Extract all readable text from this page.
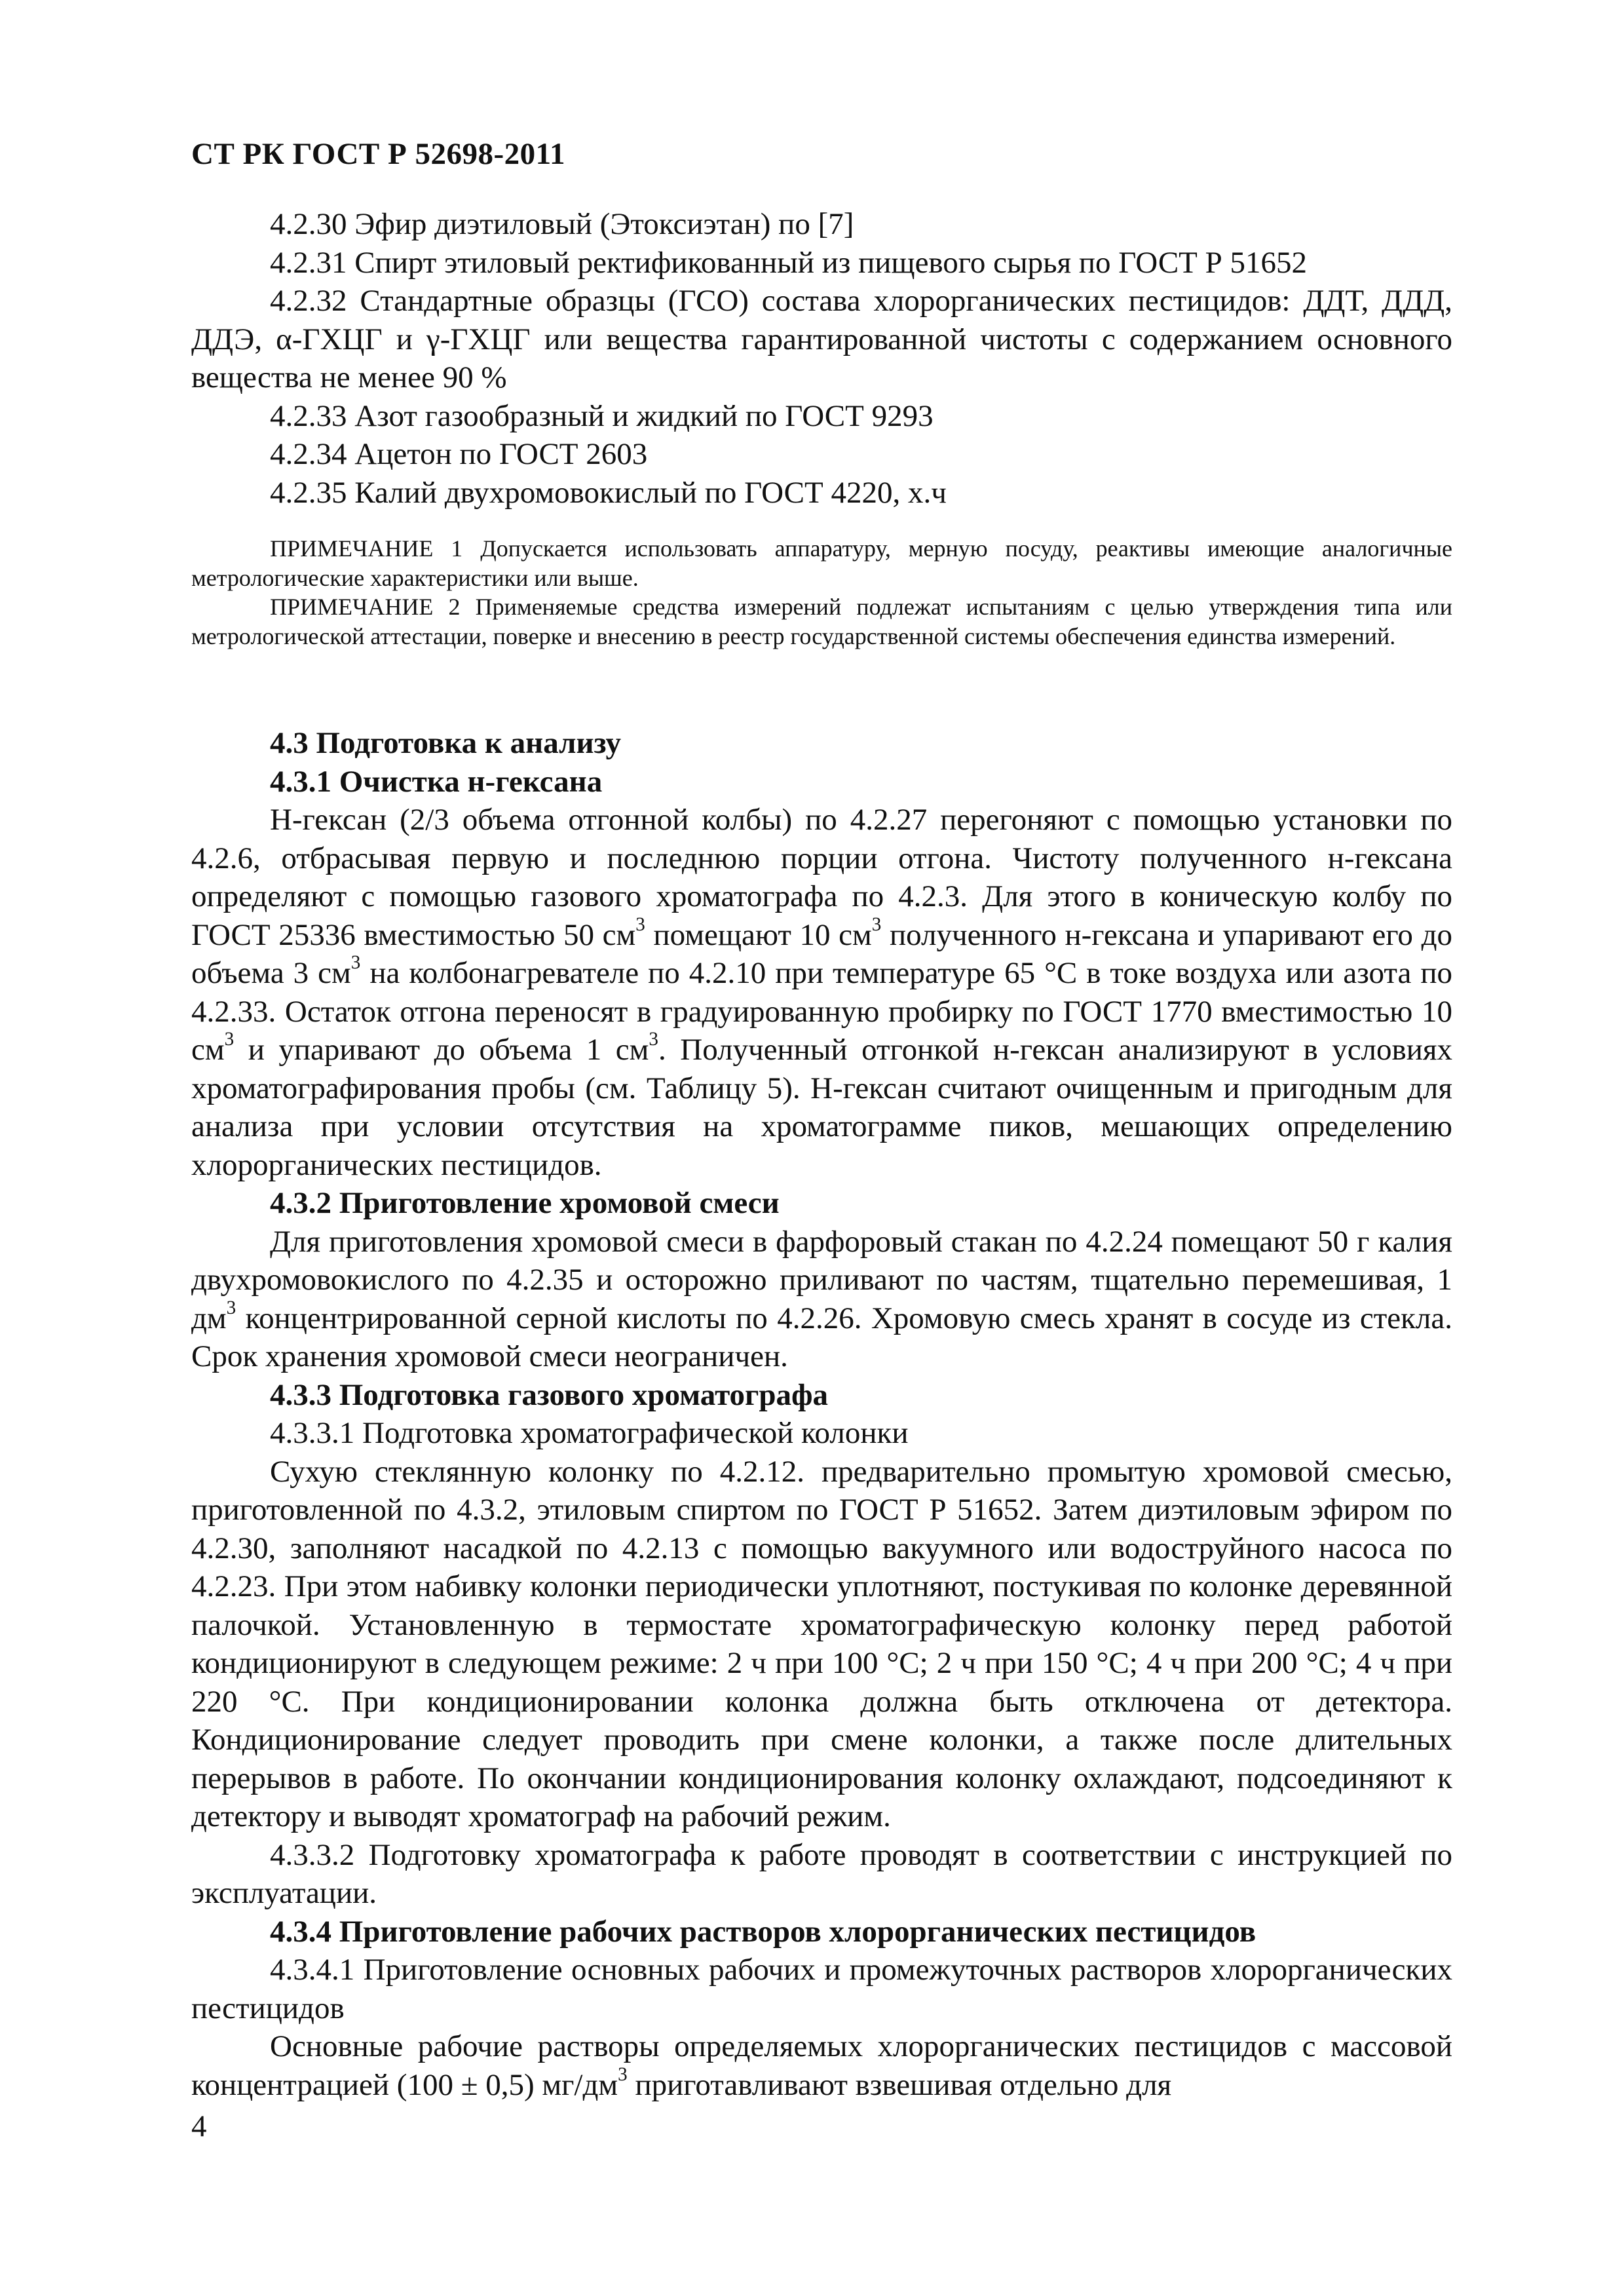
СТ РК ГОСТ Р 52698-2011

4.2.30 Эфир диэтиловый (Этоксиэтан) по [7]

4.2.31 Спирт этиловый ректификованный из пищевого сырья по ГОСТ Р 51652

4.2.32 Стандартные образцы (ГСО) состава хлорорганических пестицидов: ДДТ, ДДД, ДДЭ, α-ГХЦГ и γ-ГХЦГ или вещества гарантированной чистоты с содержанием основного вещества не менее 90 %

4.2.33 Азот газообразный и жидкий по ГОСТ 9293

4.2.34 Ацетон по ГОСТ 2603

4.2.35 Калий двухромовокислый по ГОСТ 4220, х.ч

ПРИМЕЧАНИЕ 1 Допускается использовать аппаратуру, мерную посуду, реактивы имеющие аналогичные метрологические характеристики или выше.

ПРИМЕЧАНИЕ 2 Применяемые средства измерений подлежат испытаниям с целью утверждения типа или метрологической аттестации, поверке и внесению в реестр государственной системы обеспечения единства измерений.

4.3 Подготовка к анализу

4.3.1 Очистка н-гексана

Н-гексан (2/3 объема отгонной колбы) по 4.2.27 перегоняют с помощью установки по 4.2.6, отбрасывая первую и последнюю порции отгона. Чистоту полученного н-гексана определяют с помощью газового хроматографа по 4.2.3. Для этого в коническую колбу по ГОСТ 25336 вместимостью 50 $см^3$ помещают 10 $см^3$ полученного н-гексана и упаривают его до объема 3 $см^3$ на колбонагревателе по 4.2.10 при температуре 65 °С в токе воздуха или азота по 4.2.33. Остаток отгона переносят в градуированную пробирку по ГОСТ 1770 вместимостью 10 $см^3$ и упаривают до объема 1 $см^3$. Полученный отгонкой н-гексан анализируют в условиях хроматографирования пробы (см. Таблицу 5). Н-гексан считают очищенным и пригодным для анализа при условии отсутствия на хроматограмме пиков, мешающих определению хлорорганических пестицидов.

4.3.2 Приготовление хромовой смеси

Для приготовления хромовой смеси в фарфоровый стакан по 4.2.24 помещают 50 г калия двухромовокислого по 4.2.35 и осторожно приливают по частям, тщательно перемешивая, 1 $дм^3$ концентрированной серной кислоты по 4.2.26. Хромовую смесь хранят в сосуде из стекла. Срок хранения хромовой смеси неограничен.

4.3.3 Подготовка газового хроматографа

4.3.3.1 Подготовка хроматографической колонки

Сухую стеклянную колонку по 4.2.12. предварительно промытую хромовой смесью, приготовленной по 4.3.2, этиловым спиртом по ГОСТ Р 51652. Затем диэтиловым эфиром по 4.2.30, заполняют насадкой по 4.2.13 с помощью вакуумного или водоструйного насоса по 4.2.23. При этом набивку колонки периодически уплотняют, постукивая по колонке деревянной палочкой. Установленную в термостате хроматографическую колонку перед работой кондиционируют в следующем режиме: 2 ч при 100 °С; 2 ч при 150 °С; 4 ч при 200 °С; 4 ч при 220 °С. При кондиционировании колонка должна быть отключена от детектора. Кондиционирование следует проводить при смене колонки, а также после длительных перерывов в работе. По окончании кондиционирования колонку охлаждают, подсоединяют к детектору и выводят хроматограф на рабочий режим.

4.3.3.2 Подготовку хроматографа к работе проводят в соответствии с инструкцией по эксплуатации.

4.3.4 Приготовление рабочих растворов хлорорганических пестицидов

4.3.4.1 Приготовление основных рабочих и промежуточных растворов хлорорганических пестицидов

Основные рабочие растворы определяемых хлорорганических пестицидов с массовой концентрацией (100 ± 0,5) $мг/дм^3$ приготавливают взвешивая отдельно для

4
